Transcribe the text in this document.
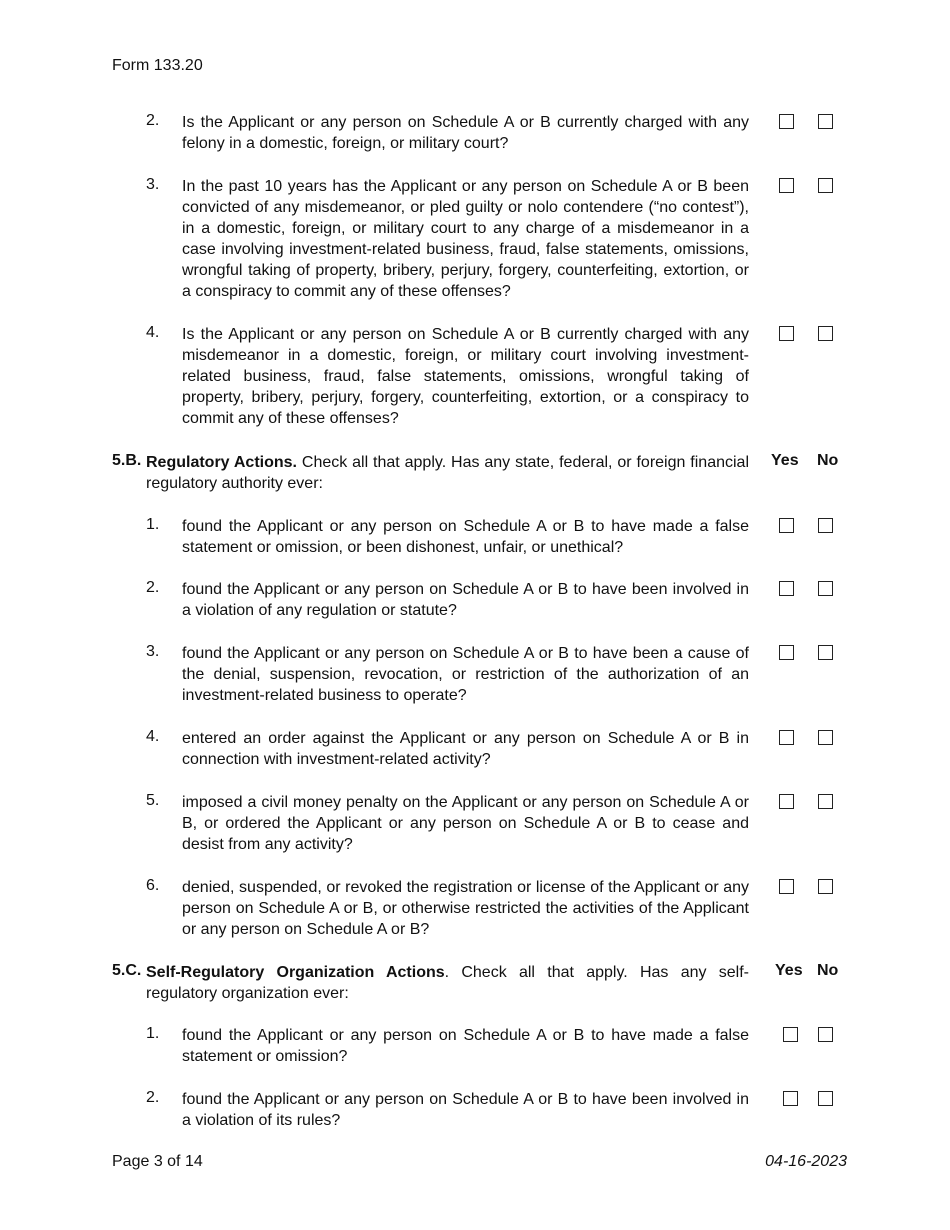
Form 133.20
2. Is the Applicant or any person on Schedule A or B currently charged with any felony in a domestic, foreign, or military court?
3. In the past 10 years has the Applicant or any person on Schedule A or B been convicted of any misdemeanor, or pled guilty or nolo contendere (“no contest”), in a domestic, foreign, or military court to any charge of a misdemeanor in a case involving investment-related business, fraud, false statements, omissions, wrongful taking of property, bribery, perjury, forgery, counterfeiting, extortion, or a conspiracy to commit any of these offenses?
4. Is the Applicant or any person on Schedule A or B currently charged with any misdemeanor in a domestic, foreign, or military court involving investment-related business, fraud, false statements, omissions, wrongful taking of property, bribery, perjury, forgery, counterfeiting, extortion, or a conspiracy to commit any of these offenses?
5.B. Regulatory Actions. Check all that apply. Has any state, federal, or foreign financial regulatory authority ever:
Yes No
1. found the Applicant or any person on Schedule A or B to have made a false statement or omission, or been dishonest, unfair, or unethical?
2. found the Applicant or any person on Schedule A or B to have been involved in a violation of any regulation or statute?
3. found the Applicant or any person on Schedule A or B to have been a cause of the denial, suspension, revocation, or restriction of the authorization of an investment-related business to operate?
4. entered an order against the Applicant or any person on Schedule A or B in connection with investment-related activity?
5. imposed a civil money penalty on the Applicant or any person on Schedule A or B, or ordered the Applicant or any person on Schedule A or B to cease and desist from any activity?
6. denied, suspended, or revoked the registration or license of the Applicant or any person on Schedule A or B, or otherwise restricted the activities of the Applicant or any person on Schedule A or B?
5.C. Self-Regulatory Organization Actions. Check all that apply. Has any self-regulatory organization ever:
Yes No
1. found the Applicant or any person on Schedule A or B to have made a false statement or omission?
2. found the Applicant or any person on Schedule A or B to have been involved in a violation of its rules?
Page 3 of 14	04-16-2023
